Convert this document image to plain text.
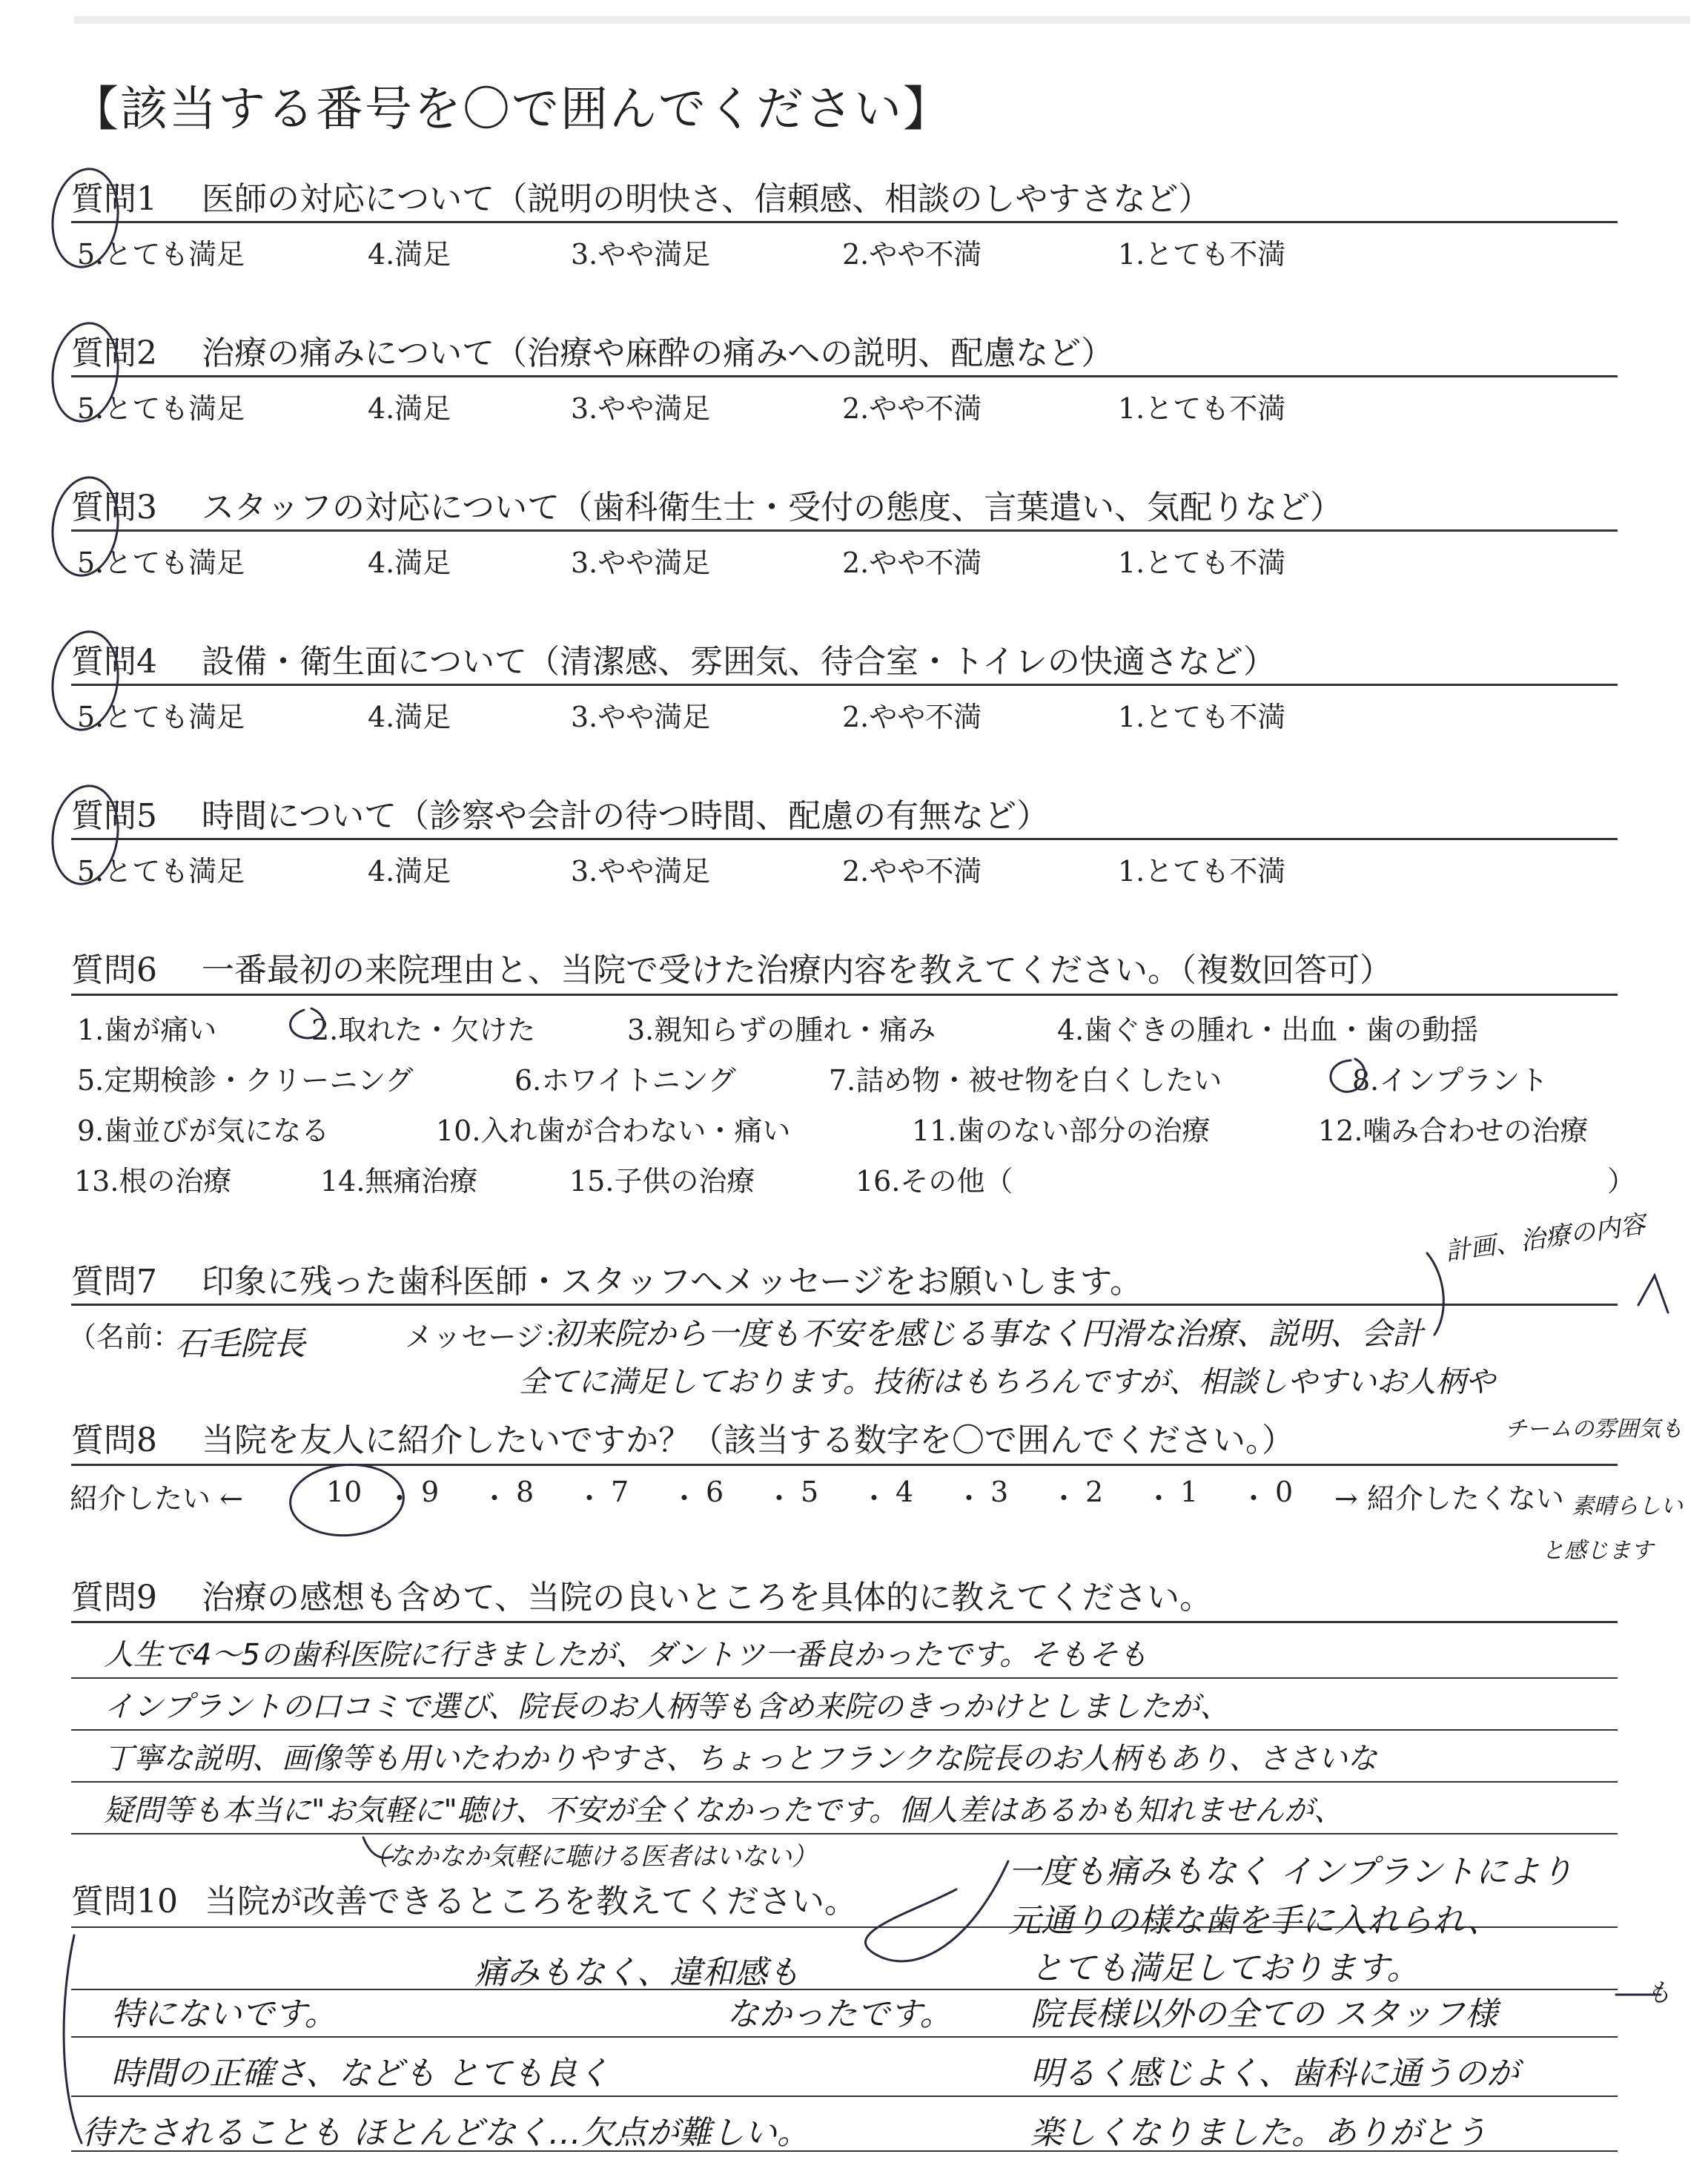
【該当する番号を〇で囲んでください】
質問1 医師の対応について（説明の明快さ、信頼感、相談のしやすさなど）
5.とても満足	4.満足	3.やや満足	2.やや不満	1.とても不満
質問2 治療の痛みについて（治療や麻酔の痛みへの説明、配慮など）
5.とても満足	4.満足	3.やや満足	2.やや不満	1.とても不満
質問3 スタッフの対応について（歯科衛生士・受付の態度、言葉遣い、気配りなど）
5.とても満足	4.満足	3.やや満足	2.やや不満	1.とても不満
質問4 設備・衛生面について（清潔感、雰囲気、待合室・トイレの快適さなど）
5.とても満足	4.満足	3.やや満足	2.やや不満	1.とても不満
質問5 時間について（診察や会計の待つ時間、配慮の有無など）
5.とても満足	4.満足	3.やや満足	2.やや不満	1.とても不満
質問6 一番最初の来院理由と、当院で受けた治療内容を教えてください。（複数回答可）
1.歯が痛い	2.取れた・欠けた	3.親知らずの腫れ・痛み	4.歯ぐきの腫れ・出血・歯の動揺
5.定期検診・クリーニング	6.ホワイトニング	7.詰め物・被せ物を白くしたい	8.インプラント
9.歯並びが気になる	10.入れ歯が合わない・痛い	11.歯のない部分の治療	12.噛み合わせの治療
13.根の治療	14.無痛治療	15.子供の治療	16.その他（	）
質問7 印象に残った歯科医師・スタッフへメッセージをお願いします。
（名前：	メッセージ：
石毛院長	初来院から一度も不安を感じる事なく円滑な治療、説明、会計
全てに満足しております。技術はもちろんですが、相談しやすいお人柄や
計画、治療の内容
チームの雰囲気も
素晴らしい
と感じます
質問8 当院を友人に紹介したいですか？（該当する数字を〇で囲んでください。）
紹介したい ←	10 ・ 9 ・ 8 ・ 7 ・ 6 ・ 5 ・ 4 ・ 3 ・ 2 ・ 1 ・ 0 → 紹介したくない
質問9 治療の感想も含めて、当院の良いところを具体的に教えてください。
人生で4〜5の歯科医院に行きましたが、ダントツ一番良かったです。そもそも
インプラントの口コミで選び、院長のお人柄等も含め来院のきっかけとしましたが、
丁寧な説明、画像等も用いたわかりやすさ、ちょっとフランクな院長のお人柄もあり、ささいな
疑問等も本当に"お気軽に"聴け、不安が全くなかったです。個人差はあるかも知れませんが、
（なかなか気軽に聴ける医者はいない）
質問10 当院が改善できるところを教えてください。
特にないです。
時間の正確さ、なども とても良く
待たされることも ほとんどなく…欠点が難しい。
痛みもなく、違和感も
なかったです。
一度も痛みもなく インプラントにより
元通りの様な歯を手に入れられ、
とても満足しております。
院長様以外の全ての スタッフ様
明るく感じよく、歯科に通うのが
楽しくなりました。ありがとう
も
